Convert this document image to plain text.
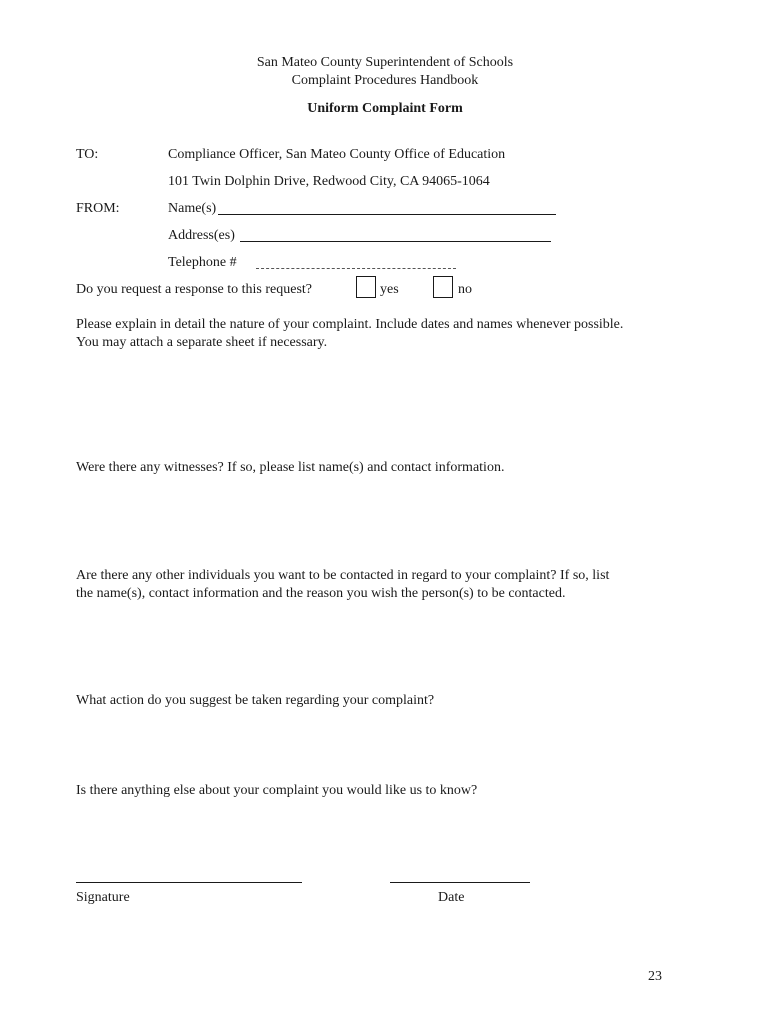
San Mateo County Superintendent of Schools
Complaint Procedures Handbook
Uniform Complaint Form
TO:	Compliance Officer, San Mateo County Office of Education
101 Twin Dolphin Drive, Redwood City, CA 94065-1064
FROM:	Name(s)
Address(es)
Telephone #
Do you request a response to this request?	yes	no
Please explain in detail the nature of your complaint. Include dates and names whenever possible.
You may attach a separate sheet if necessary.
Were there any witnesses? If so, please list name(s) and contact information.
Are there any other individuals you want to be contacted in regard to your complaint? If so, list
the name(s), contact information and the reason you wish the person(s) to be contacted.
What action do you suggest be taken regarding your complaint?
Is there anything else about your complaint you would like us to know?
Signature	Date
23
